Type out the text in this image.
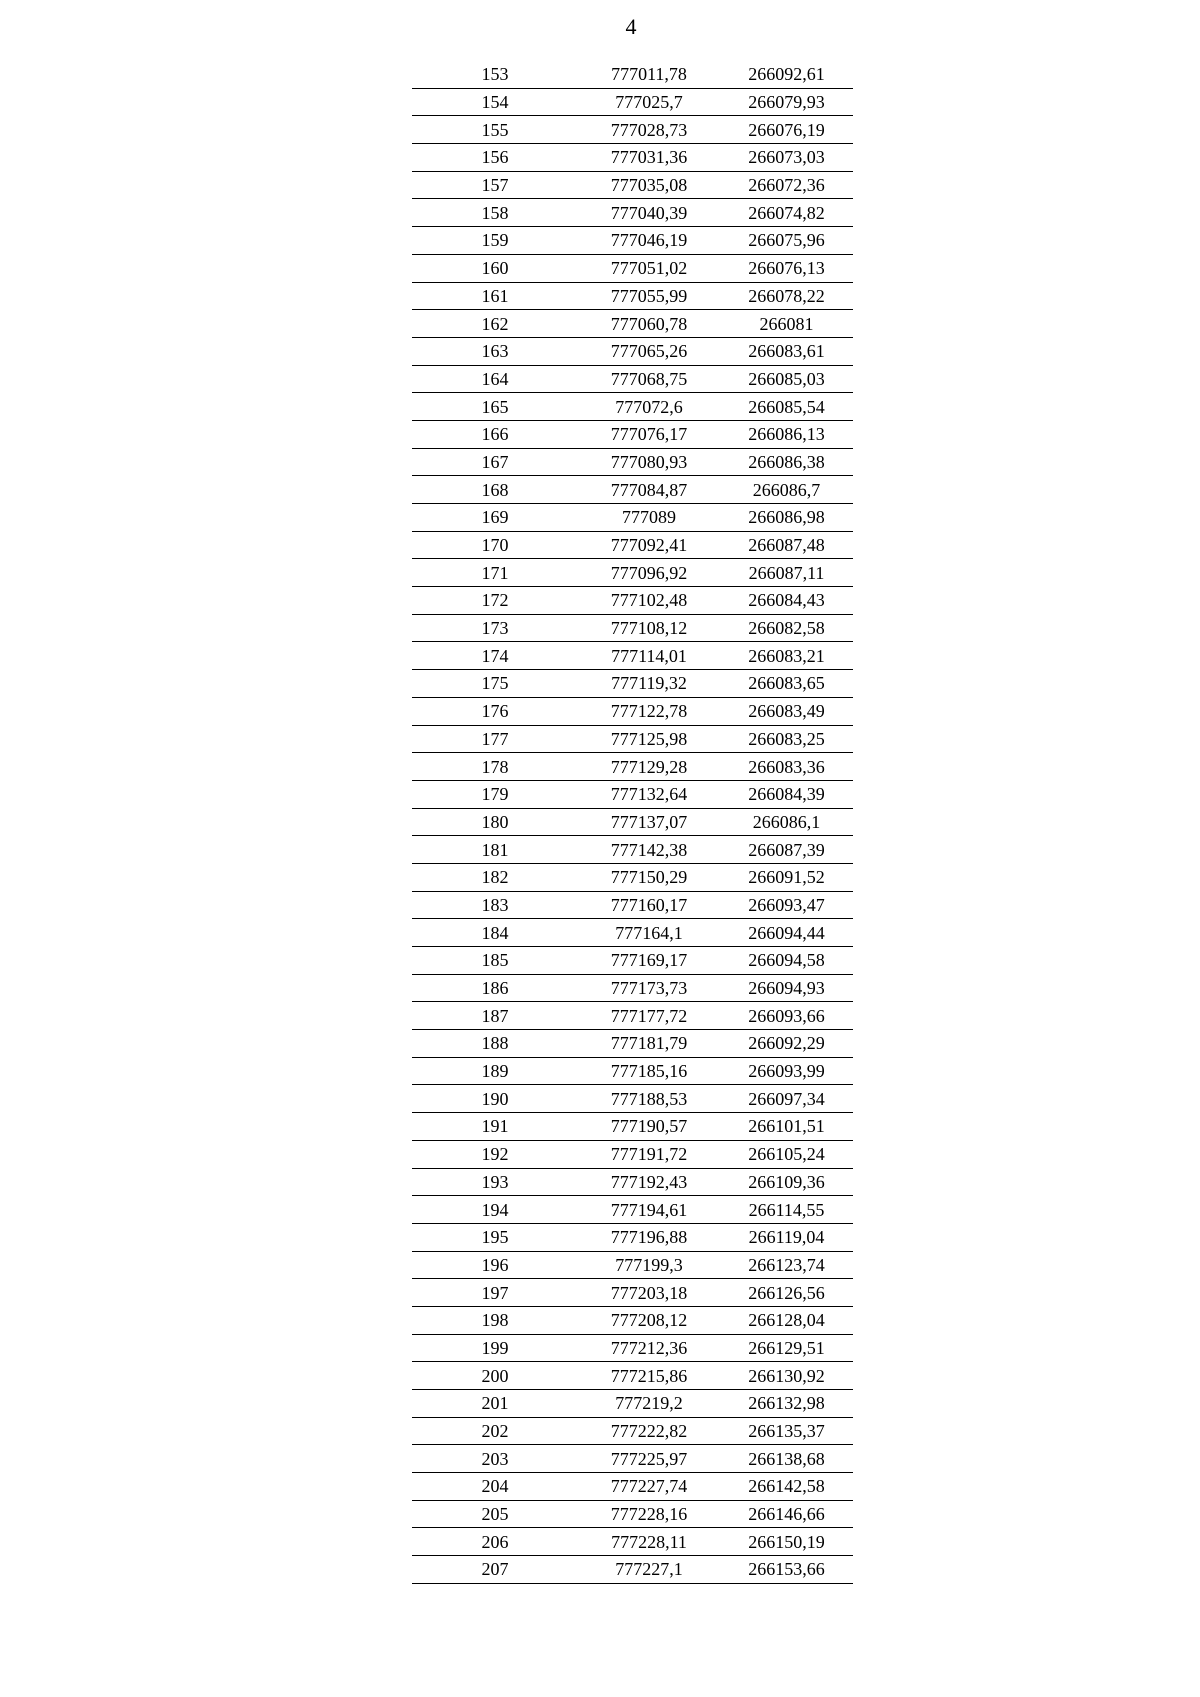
4
153	777011,78	266092,61
154	777025,7	266079,93
155	777028,73	266076,19
156	777031,36	266073,03
157	777035,08	266072,36
158	777040,39	266074,82
159	777046,19	266075,96
160	777051,02	266076,13
161	777055,99	266078,22
162	777060,78	266081
163	777065,26	266083,61
164	777068,75	266085,03
165	777072,6	266085,54
166	777076,17	266086,13
167	777080,93	266086,38
168	777084,87	266086,7
169	777089	266086,98
170	777092,41	266087,48
171	777096,92	266087,11
172	777102,48	266084,43
173	777108,12	266082,58
174	777114,01	266083,21
175	777119,32	266083,65
176	777122,78	266083,49
177	777125,98	266083,25
178	777129,28	266083,36
179	777132,64	266084,39
180	777137,07	266086,1
181	777142,38	266087,39
182	777150,29	266091,52
183	777160,17	266093,47
184	777164,1	266094,44
185	777169,17	266094,58
186	777173,73	266094,93
187	777177,72	266093,66
188	777181,79	266092,29
189	777185,16	266093,99
190	777188,53	266097,34
191	777190,57	266101,51
192	777191,72	266105,24
193	777192,43	266109,36
194	777194,61	266114,55
195	777196,88	266119,04
196	777199,3	266123,74
197	777203,18	266126,56
198	777208,12	266128,04
199	777212,36	266129,51
200	777215,86	266130,92
201	777219,2	266132,98
202	777222,82	266135,37
203	777225,97	266138,68
204	777227,74	266142,58
205	777228,16	266146,66
206	777228,11	266150,19
207	777227,1	266153,66
